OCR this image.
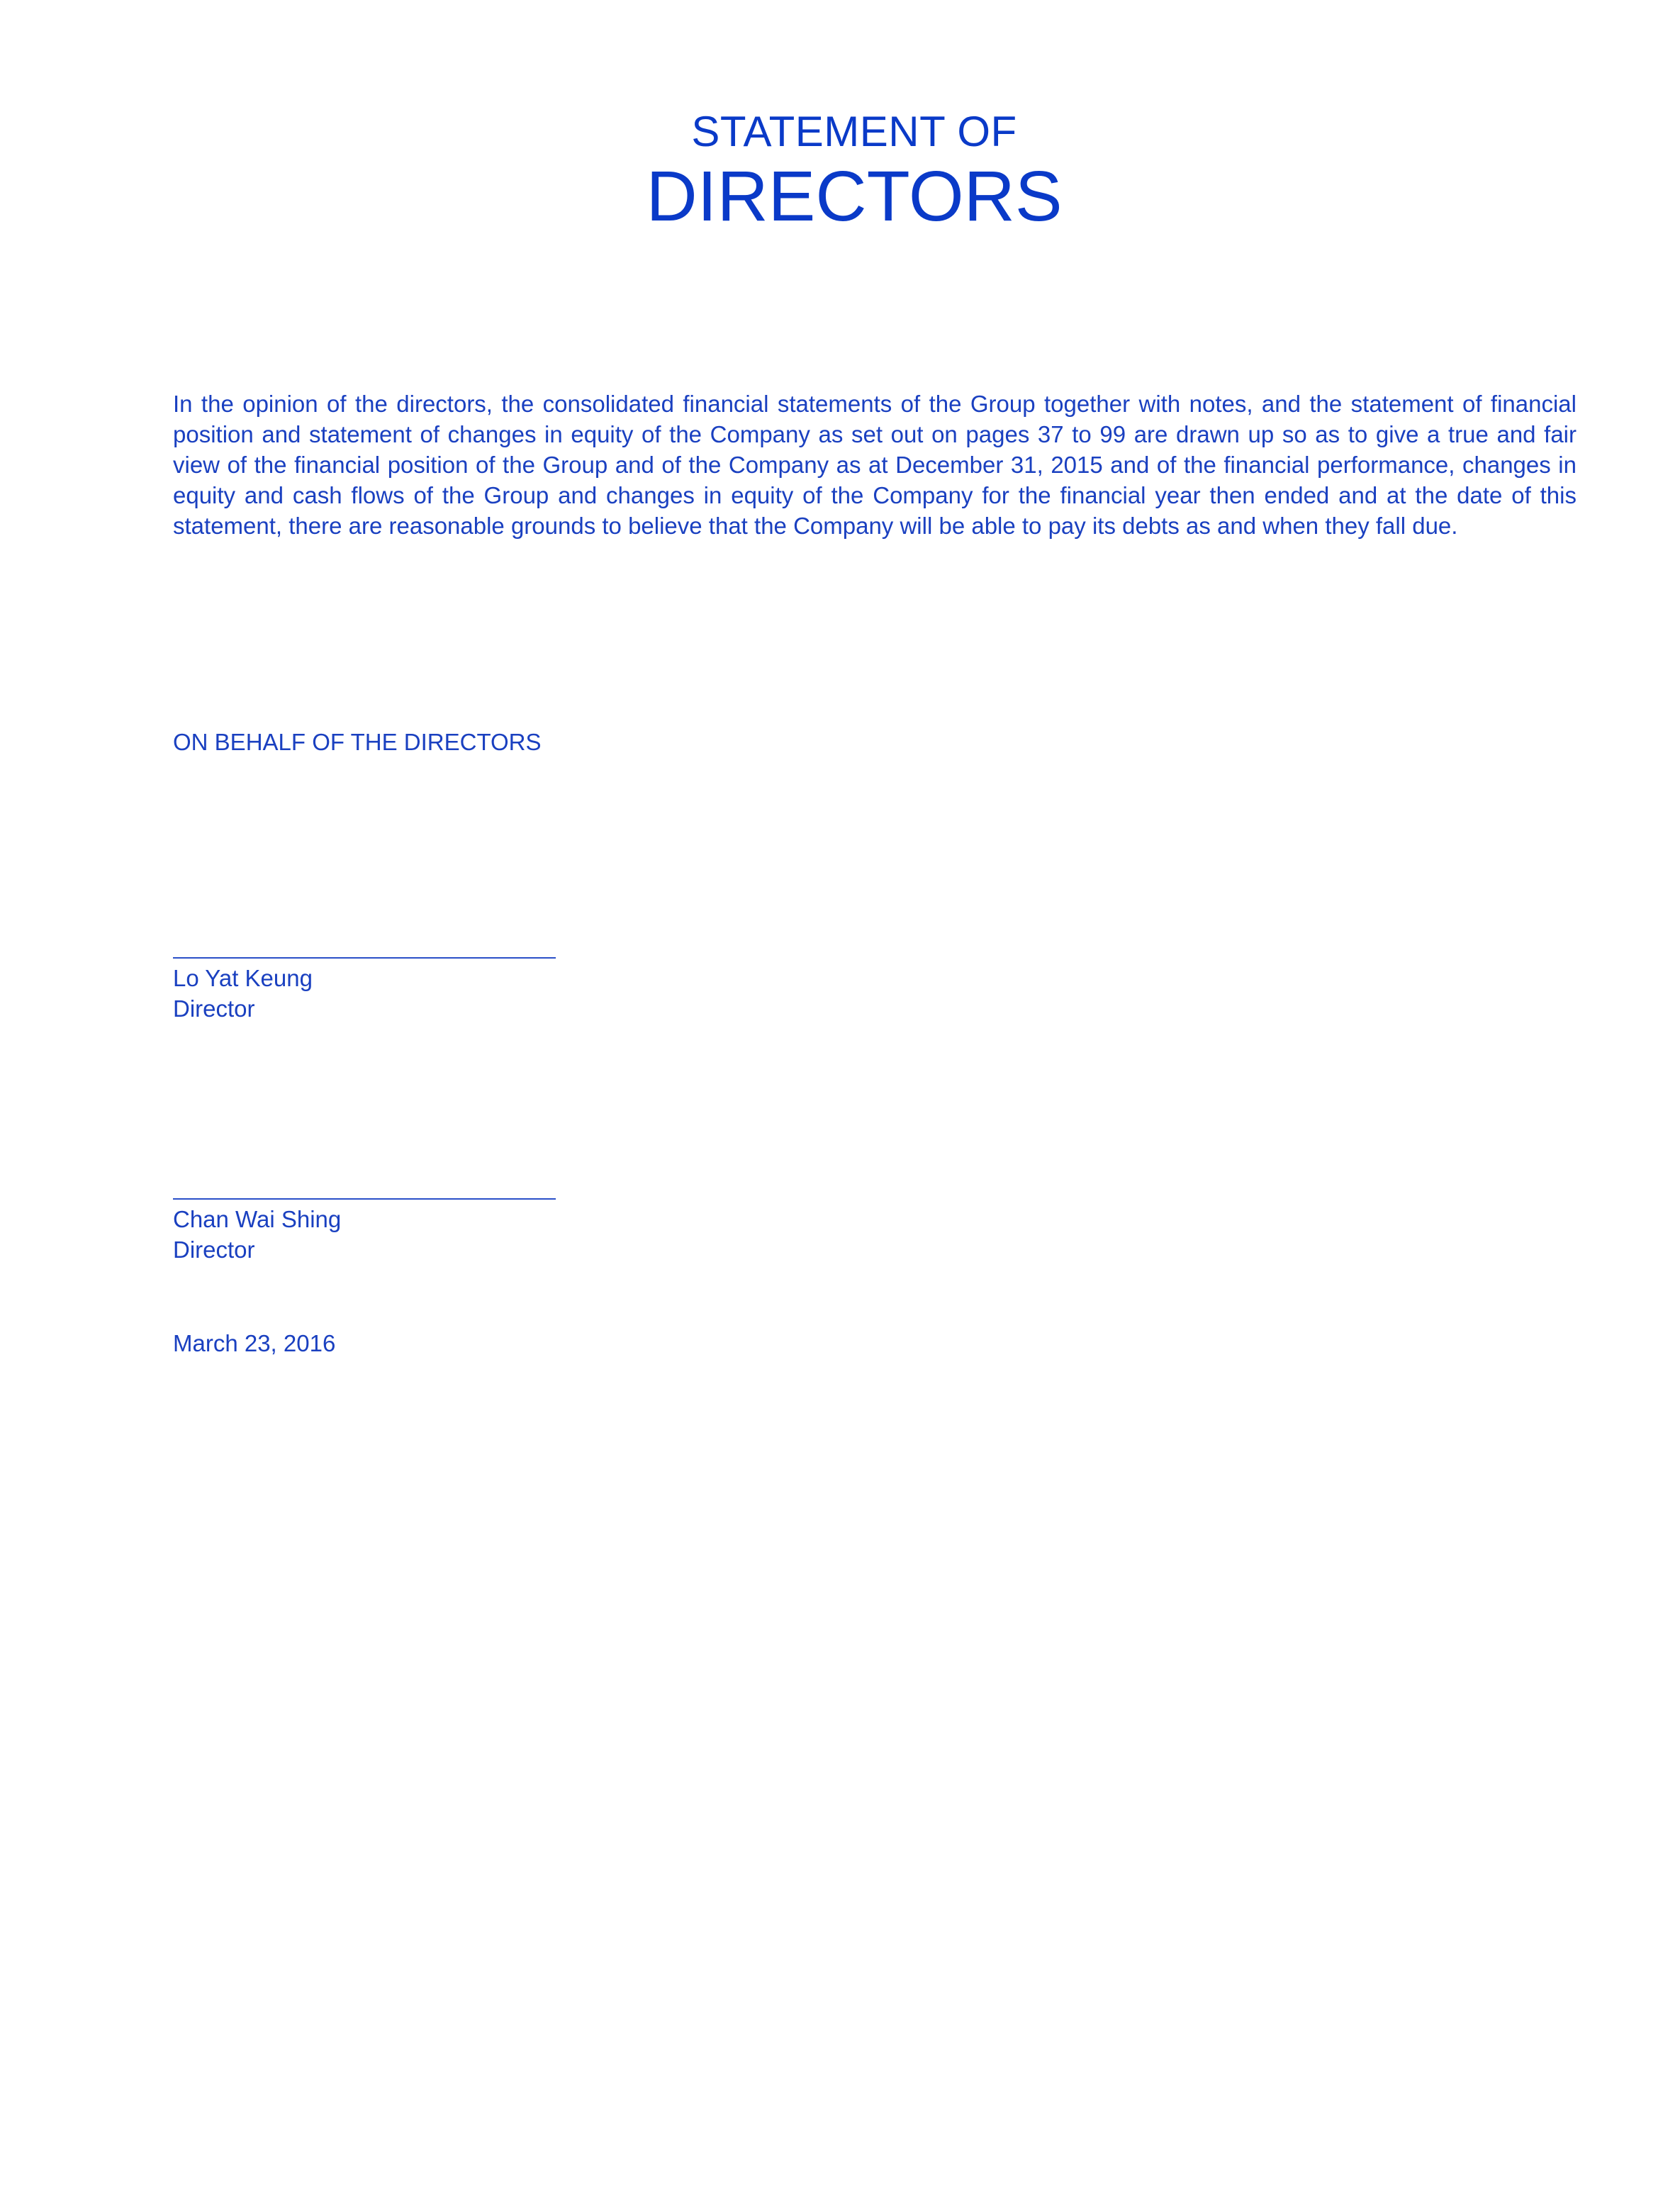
STATEMENT OF
DIRECTORS

In the opinion of the directors, the consolidated financial statements of the Group together with notes, and the statement of financial position and statement of changes in equity of the Company as set out on pages 37 to 99 are drawn up so as to give a true and fair view of the financial position of the Group and of the Company as at December 31, 2015 and of the financial performance, changes in equity and cash flows of the Group and changes in equity of the Company for the financial year then ended and at the date of this statement, there are reasonable grounds to believe that the Company will be able to pay its debts as and when they fall due.

ON BEHALF OF THE DIRECTORS
Lo Yat Keung
Director
Chan Wai Shing
Director
March 23, 2016
